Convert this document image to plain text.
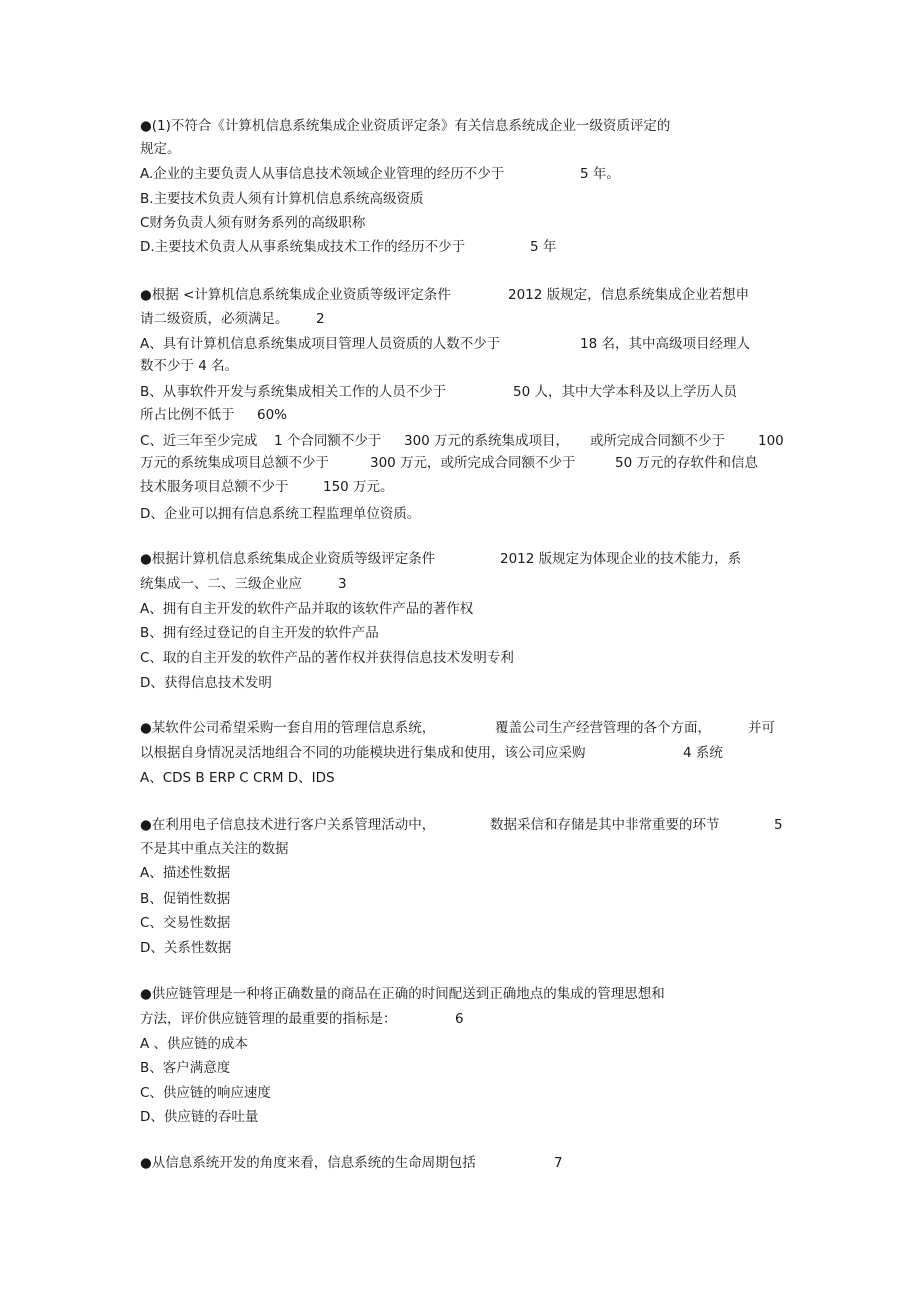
●(1)不符合《计算机信息系统集成企业资质评定条》有关信息系统成企业一级资质评定的
规定。
A.企业的主要负责人从事信息技术领域企业管理的经历不少于	5 年。
B.主要技术负责人须有计算机信息系统高级资质
C财务负责人须有财务系列的高级职称
D.主要技术负责人从事系统集成技术工作的经历不少于	5 年
●根据 <计算机信息系统集成企业资质等级评定条件	2012 版规定，信息系统集成企业若想申
请二级资质，必须满足。 2
A、具有计算机信息系统集成项目管理人员资质的人数不少于	18 名，其中高级项目经理人
数不少于 4 名。
B、从事软件开发与系统集成相关工作的人员不少于	50 人，其中大学本科及以上学历人员
所占比例不低于 60%
C、近三年至少完成 1 个合同额不少于 300 万元的系统集成项目， 或所完成合同额不少于 100
万元的系统集成项目总额不少于	300 万元，或所完成合同额不少于	50 万元的存软件和信息
技术服务项目总额不少于	150 万元。
D、企业可以拥有信息系统工程监理单位资质。
●根据计算机信息系统集成企业资质等级评定条件	2012 版规定为体现企业的技术能力，系
统集成一、二、三级企业应	3
A、拥有自主开发的软件产品并取的该软件产品的著作权
B、拥有经过登记的自主开发的软件产品
C、取的自主开发的软件产品的著作权并获得信息技术发明专利
D、获得信息技术发明
●某软件公司希望采购一套自用的管理信息系统，	覆盖公司生产经营管理的各个方面，	并可
以根据自身情况灵活地组合不同的功能模块进行集成和使用，该公司应采购	4 系统
A、CDS B ERP C CRM D、IDS
●在利用电子信息技术进行客户关系管理活动中，	数据采信和存储是其中非常重要的环节	5
不是其中重点关注的数据
A、描述性数据
B、促销性数据
C、交易性数据
D、关系性数据
●供应链管理是一种将正确数量的商品在正确的时间配送到正确地点的集成的管理思想和
方法，评价供应链管理的最重要的指标是：	6
A 、供应链的成本
B、客户满意度
C、供应链的响应速度
D、供应链的吞吐量
●从信息系统开发的角度来看，信息系统的生命周期包括	7
